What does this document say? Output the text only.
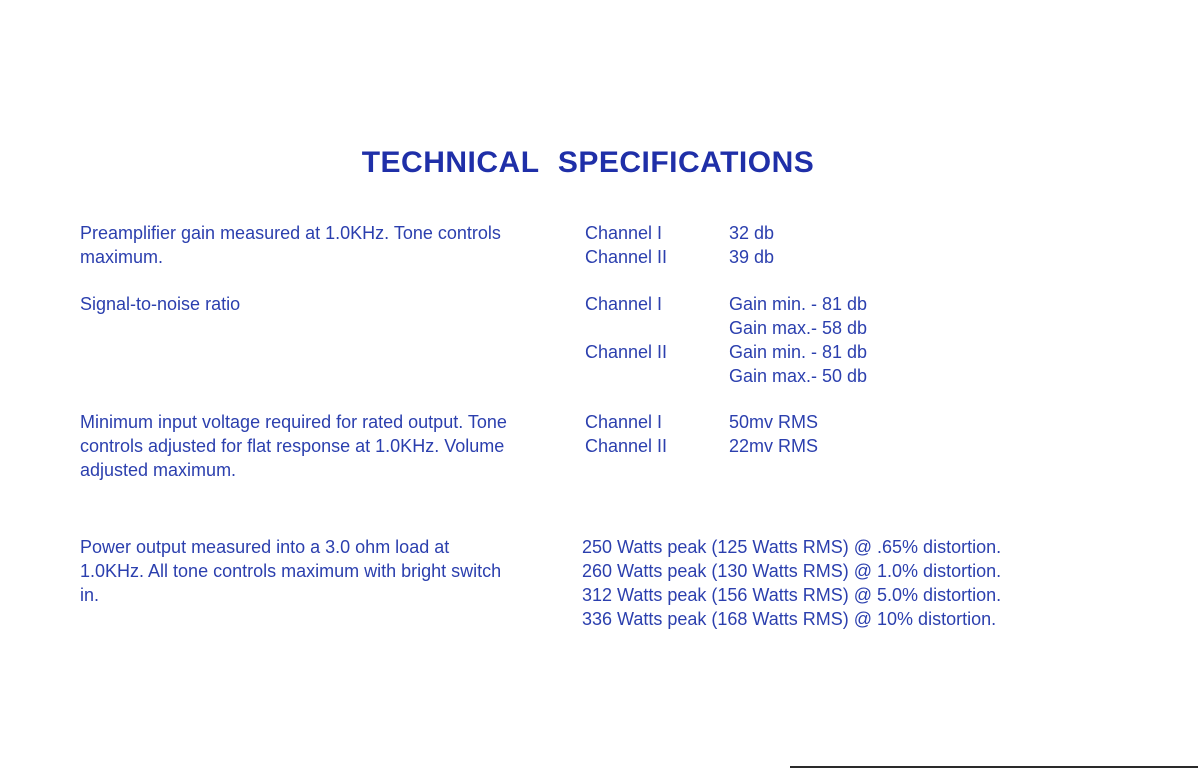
TECHNICAL SPECIFICATIONS
Preamplifier gain measured at 1.0KHz. Tone controls maximum.
Channel I	32 db
Channel II	39 db
Signal-to-noise ratio	Channel I	Gain min. - 81 db
Gain max.- 58 db
Channel II	Gain min. - 81 db
Gain max.- 50 db
Minimum input voltage required for rated output. Tone controls adjusted for flat response at 1.0KHz. Volume adjusted maximum.
Channel I	50mv RMS
Channel II	22mv RMS
Power output measured into a 3.0 ohm load at 1.0KHz. All tone controls maximum with bright switch in.
250 Watts peak (125 Watts RMS) @ .65% distortion.
260 Watts peak (130 Watts RMS) @ 1.0% distortion.
312 Watts peak (156 Watts RMS) @ 5.0% distortion.
336 Watts peak (168 Watts RMS) @ 10% distortion.
